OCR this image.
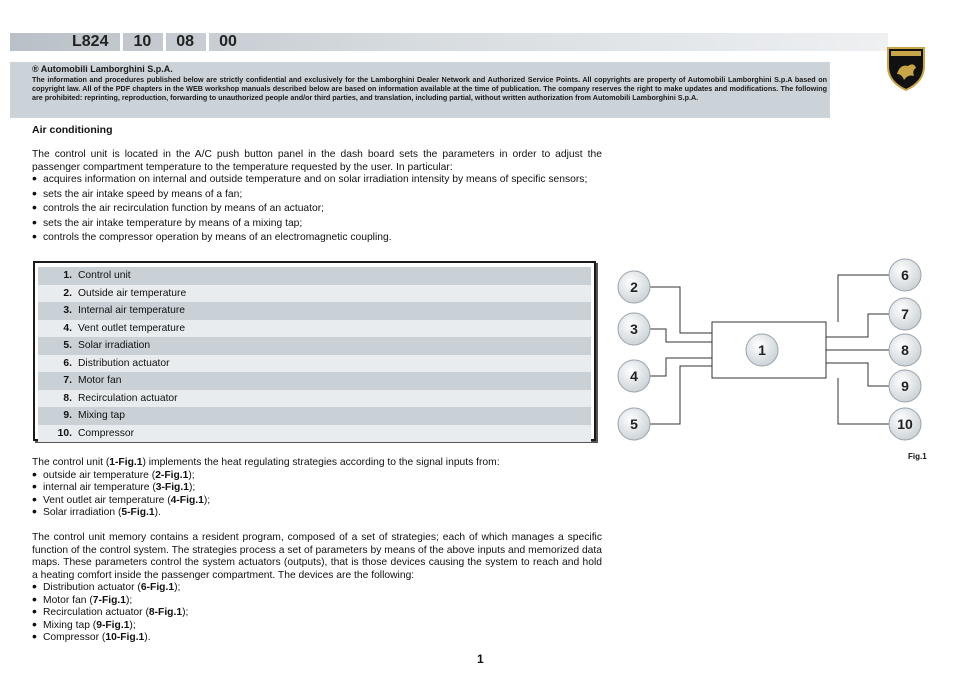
L824	10	08	00
® Automobili Lamborghini S.p.A.
The information and procedures published below are strictly confidential and exclusively for the Lamborghini Dealer Network and Authorized Service Points. All copyrights are property of Automobili Lamborghini S.p.A based on copyright law. All of the PDF chapters in the WEB workshop manuals described below are based on information available at the time of publication. The company reserves the right to make updates and modifications. The following are prohibited: reprinting, reproduction, forwarding to unauthorized people and/or third parties, and translation, including partial, without written authorization from Automobili Lamborghini S.p.A.
Air conditioning
The control unit is located in the A/C push button panel in the dash board sets the parameters in order to adjust the passenger compartment temperature to the temperature requested by the user. In particular:
• acquires information on internal and outside temperature and on solar irradiation intensity by means of specific sensors;
• sets the air intake speed by means of a fan;
• controls the air recirculation function by means of an actuator;
• sets the air intake temperature by means of a mixing tap;
• controls the compressor operation by means of an electromagnetic coupling.
1. Control unit
2. Outside air temperature
3. Internal air temperature
4. Vent outlet temperature
5. Solar irradiation
6. Distribution actuator
7. Motor fan
8. Recirculation actuator
9. Mixing tap
10. Compressor
The control unit (1-Fig.1) implements the heat regulating strategies according to the signal inputs from:
• outside air temperature (2-Fig.1);
• internal air temperature (3-Fig.1);
• Vent outlet air temperature (4-Fig.1);
• Solar irradiation (5-Fig.1).
The control unit memory contains a resident program, composed of a set of strategies; each of which manages a specific function of the control system. The strategies process a set of parameters by means of the above inputs and memorized data maps. These parameters control the system actuators (outputs), that is those devices causing the system to reach and hold a heating comfort inside the passenger compartment. The devices are the following:
• Distribution actuator (6-Fig.1);
• Motor fan (7-Fig.1);
• Recirculation actuator (8-Fig.1);
• Mixing tap (9-Fig.1);
• Compressor (10-Fig.1).
1
2
3
4
5
6
7
8
9
10
Fig.1
1
